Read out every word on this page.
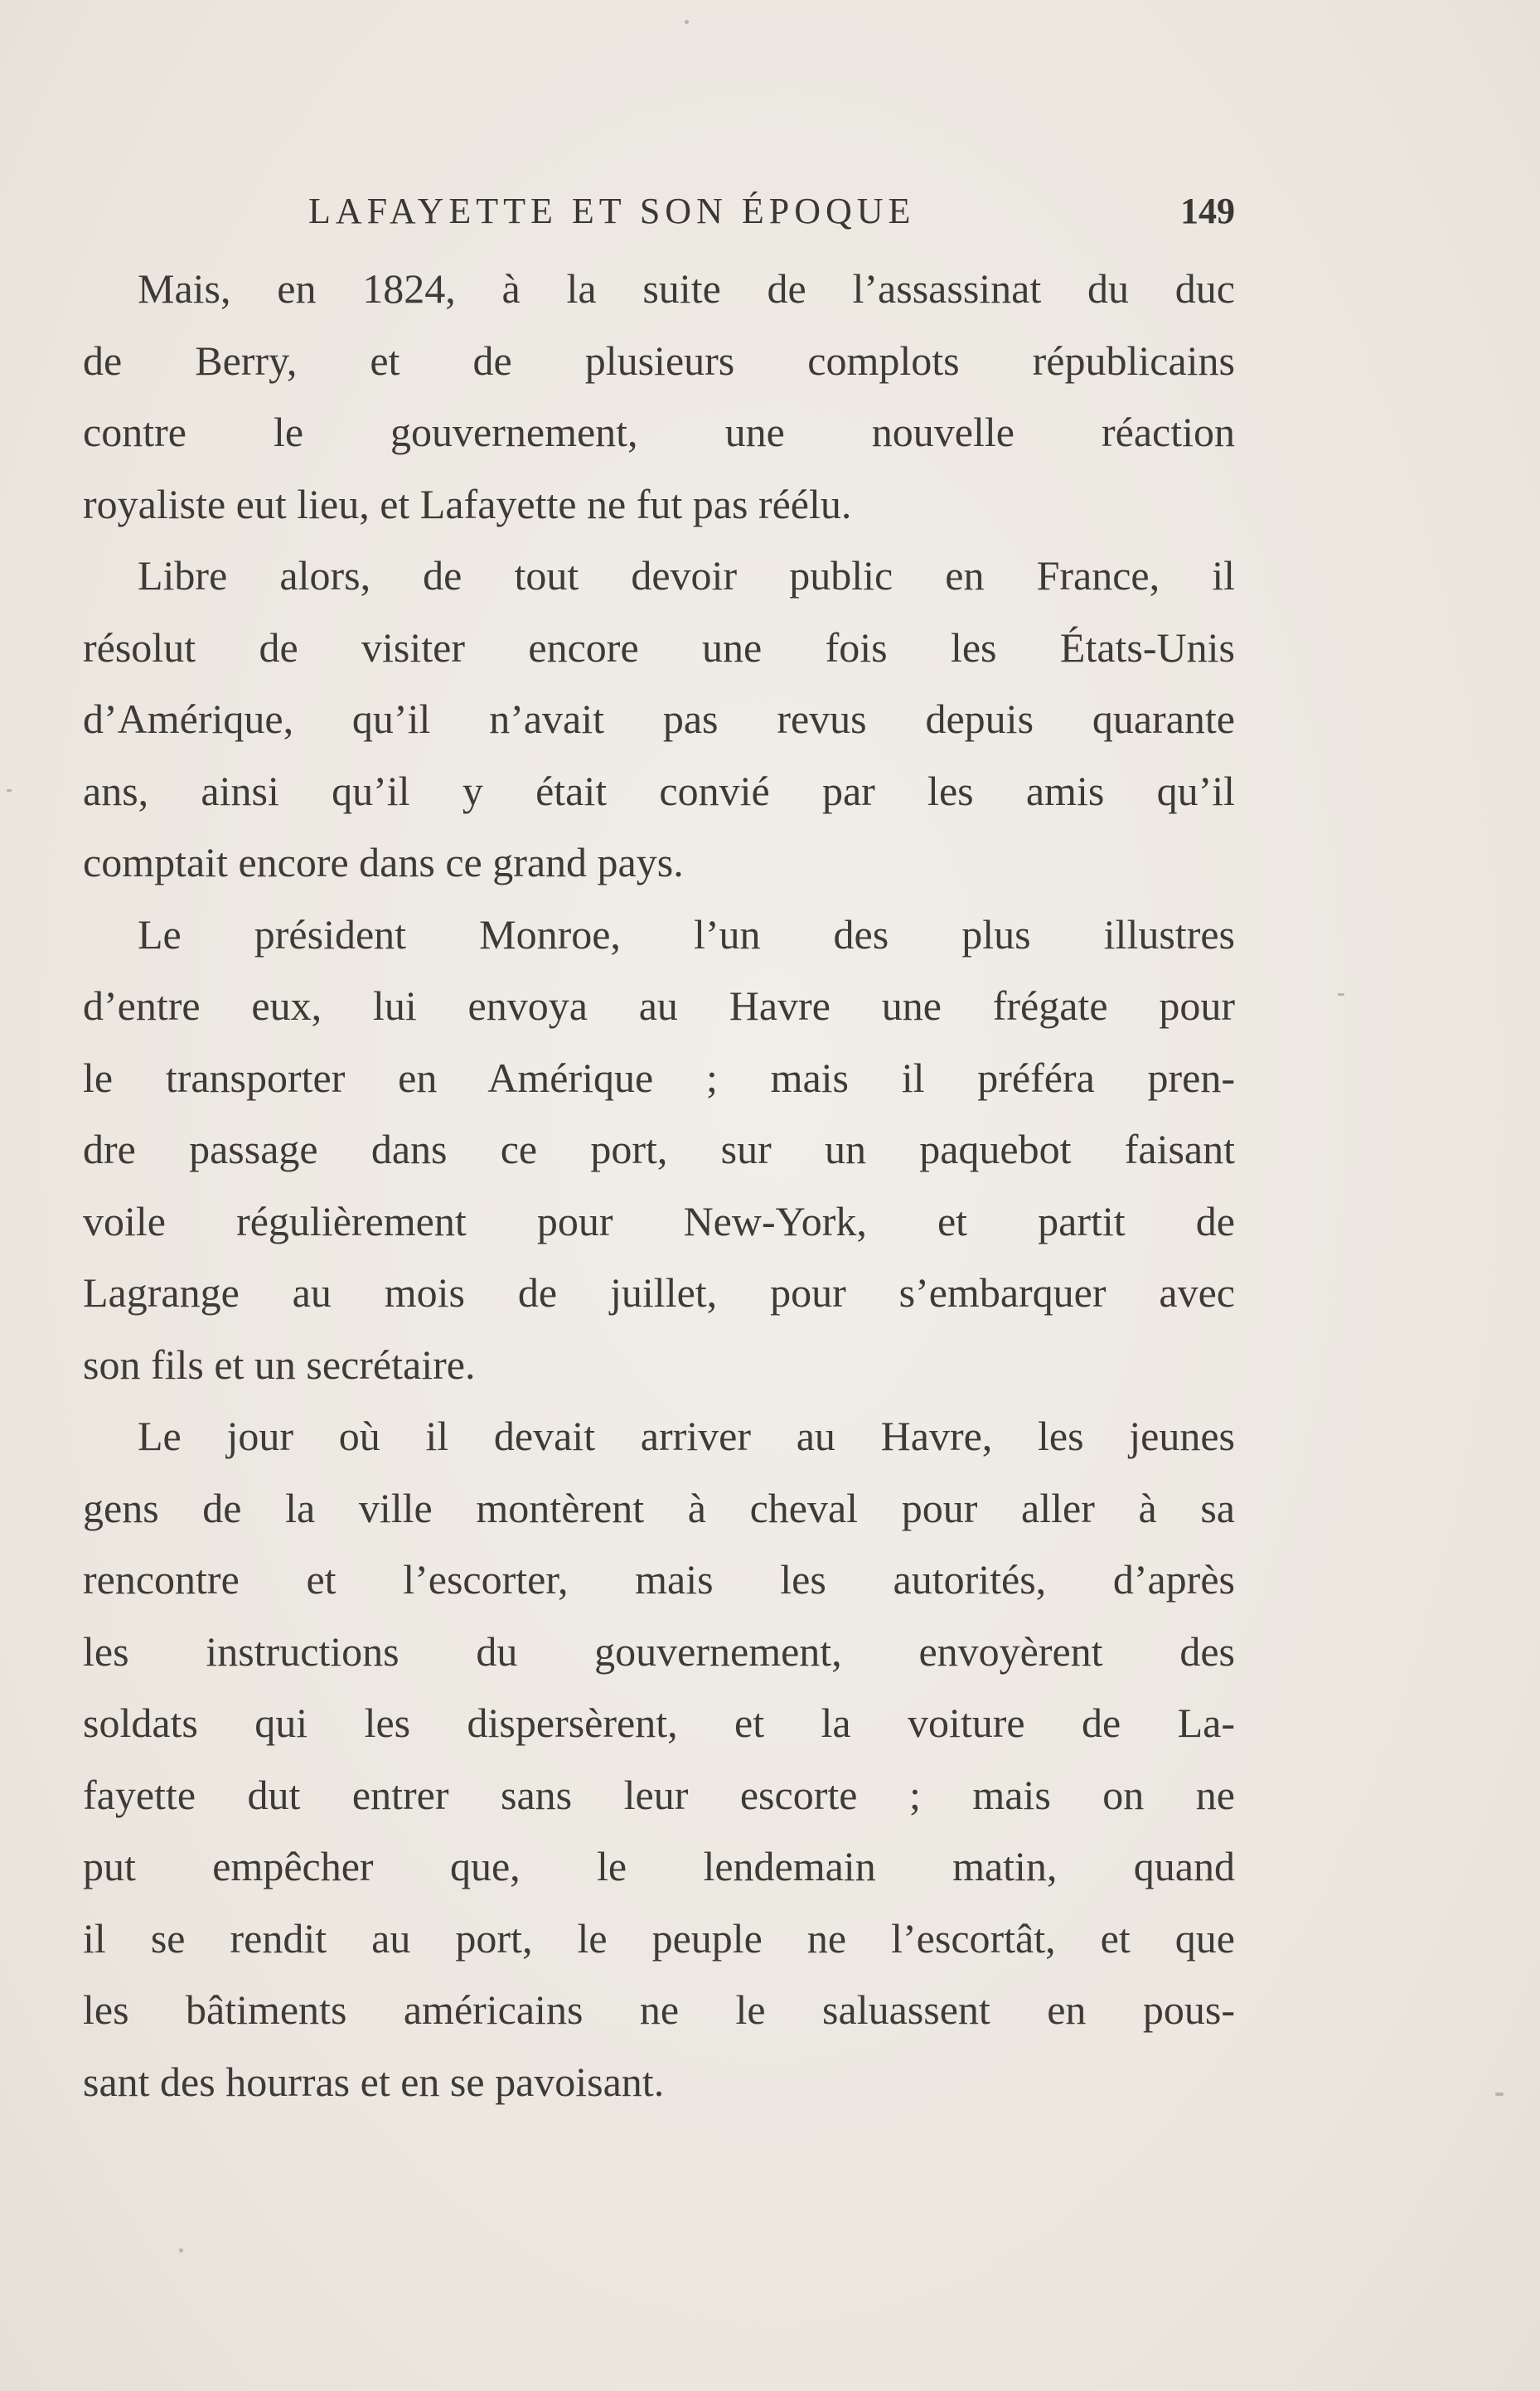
LAFAYETTE ET SON ÉPOQUE	149
Mais, en 1824, à la suite de l’assassinat du duc
de Berry, et de plusieurs complots républicains
contre le gouvernement, une nouvelle réaction
royaliste eut lieu, et Lafayette ne fut pas réélu.
Libre alors, de tout devoir public en France, il
résolut de visiter encore une fois les États-Unis
d’Amérique, qu’il n’avait pas revus depuis quarante
ans, ainsi qu’il y était convié par les amis qu’il
comptait encore dans ce grand pays.
Le président Monroe, l’un des plus illustres
d’entre eux, lui envoya au Havre une frégate pour
le transporter en Amérique ; mais il préféra pren-
dre passage dans ce port, sur un paquebot faisant
voile régulièrement pour New-York, et partit de
Lagrange au mois de juillet, pour s’embarquer avec
son fils et un secrétaire.
Le jour où il devait arriver au Havre, les jeunes
gens de la ville montèrent à cheval pour aller à sa
rencontre et l’escorter, mais les autorités, d’après
les instructions du gouvernement, envoyèrent des
soldats qui les dispersèrent, et la voiture de La-
fayette dut entrer sans leur escorte ; mais on ne
put empêcher que, le lendemain matin, quand
il se rendit au port, le peuple ne l’escortât, et que
les bâtiments américains ne le saluassent en pous-
sant des hourras et en se pavoisant.
